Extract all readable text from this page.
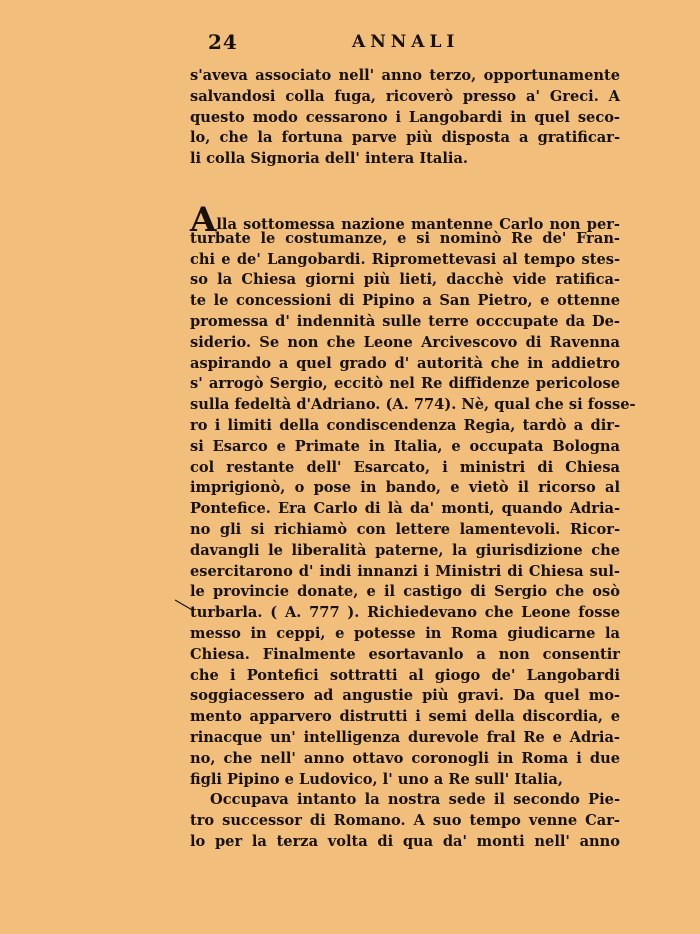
24	ANNALI
s'aveva associato nell' anno terzo, opportunamente
salvandosi colla fuga, ricoverò presso a' Greci. A
questo modo cessarono i Langobardi in quel seco-
lo, che la fortuna parve più disposta a gratificar-
li colla Signoria dell' intera Italia.
Alla sottomessa nazione mantenne Carlo non per-
turbate le costumanze, e si nominò Re de' Fran-
chi e de' Langobardi. Ripromettevasi al tempo stes-
so la Chiesa giorni più lieti, dacchè vide ratifica-
te le concessioni di Pipino a San Pietro, e ottenne
promessa d' indennità sulle terre occcupate da De-
siderio. Se non che Leone Arcivescovo di Ravenna
aspirando a quel grado d' autorità che in addietro
s' arrogò Sergio, eccitò nel Re diffidenze pericolose
sulla fedeltà d'Adriano. (A. 774). Nè, qual che si fosse-
ro i limiti della condiscendenza Regia, tardò a dir-
si Esarco e Primate in Italia, e occupata Bologna
col restante dell' Esarcato, i ministri di Chiesa
imprigionò, o pose in bando, e vietò il ricorso al
Pontefice. Era Carlo di là da' monti, quando Adria-
no gli si richiamò con lettere lamentevoli. Ricor-
davangli le liberalità paterne, la giurisdizione che
esercitarono d' indi innanzi i Ministri di Chiesa sul-
le provincie donate, e il castigo di Sergio che osò
turbarla. ( A. 777 ). Richiedevano che Leone fosse
messo in ceppi, e potesse in Roma giudicarne la
Chiesa. Finalmente esortavanlo a non consentir
che i Pontefici sottratti al giogo de' Langobardi
soggiacessero ad angustie più gravi. Da quel mo-
mento apparvero distrutti i semi della discordia, e
rinacque un' intelligenza durevole fral Re e Adria-
no, che nell' anno ottavo coronogli in Roma i due
figli Pipino e Ludovico, l' uno a Re sull' Italia,
Occupava intanto la nostra sede il secondo Pie-
tro successor di Romano. A suo tempo venne Car-
lo per la terza volta di qua da' monti nell' anno
